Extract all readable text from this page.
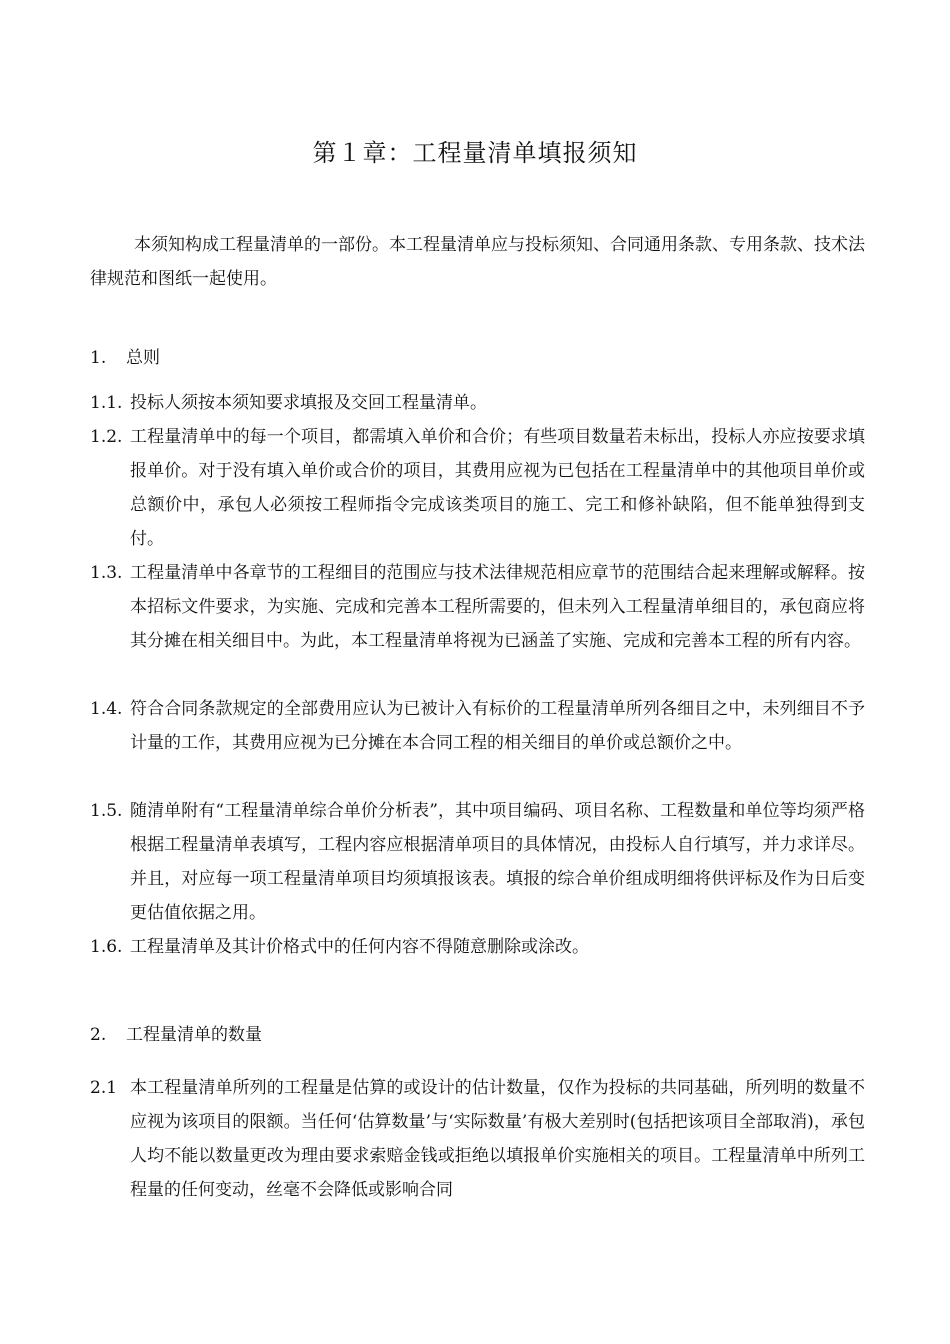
第１章：工程量清单填报须知
本须知构成工程量清单的一部份。本工程量清单应与投标须知、合同通用条款、专用条款、技术法律规范和图纸一起使用。
1. 总则
1.1. 投标人须按本须知要求填报及交回工程量清单。
1.2. 工程量清单中的每一个项目，都需填入单价和合价；有些项目数量若未标出，投标人亦应按要求填报单价。对于没有填入单价或合价的项目，其费用应视为已包括在工程量清单中的其他项目单价或总额价中，承包人必须按工程师指令完成该类项目的施工、完工和修补缺陷，但不能单独得到支付。
1.3. 工程量清单中各章节的工程细目的范围应与技术法律规范相应章节的范围结合起来理解或解释。按本招标文件要求，为实施、完成和完善本工程所需要的，但未列入工程量清单细目的，承包商应将其分摊在相关细目中。为此，本工程量清单将视为已涵盖了实施、完成和完善本工程的所有内容。
1.4. 符合合同条款规定的全部费用应认为已被计入有标价的工程量清单所列各细目之中，未列细目不予计量的工作，其费用应视为已分摊在本合同工程的相关细目的单价或总额价之中。
1.5. 随清单附有“工程量清单综合单价分析表”，其中项目编码、项目名称、工程数量和单位等均须严格根据工程量清单表填写，工程内容应根据清单项目的具体情况，由投标人自行填写，并力求详尽。并且，对应每一项工程量清单项目均须填报该表。填报的综合单价组成明细将供评标及作为日后变更估值依据之用。
1.6. 工程量清单及其计价格式中的任何内容不得随意删除或涂改。
2. 工程量清单的数量
2.1 本工程量清单所列的工程量是估算的或设计的估计数量，仅作为投标的共同基础，所列明的数量不应视为该项目的限额。当任何‘估算数量’与‘实际数量’有极大差别时(包括把该项目全部取消)，承包人均不能以数量更改为理由要求索赔金钱或拒绝以填报单价实施相关的项目。工程量清单中所列工程量的任何变动，丝毫不会降低或影响合同
